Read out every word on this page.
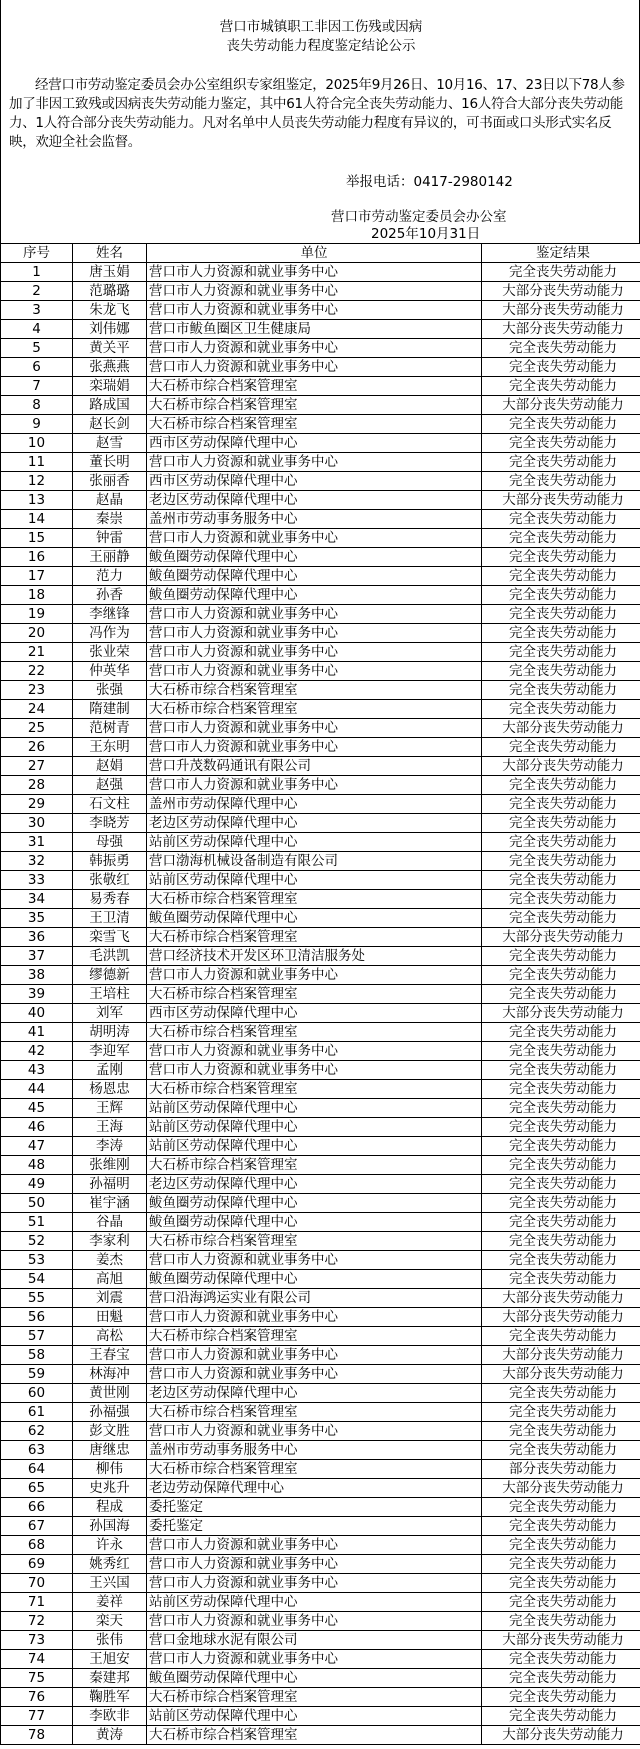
营口市城镇职工非因工伤残或因病
丧失劳动能力程度鉴定结论公示
经营口市劳动鉴定委员会办公室组织专家组鉴定，2025年9月26日、10月16、17、23日以下78人参加了非因工致残或因病丧失劳动能力鉴定，其中61人符合完全丧失劳动能力、16人符合大部分丧失劳动能力、1人符合部分丧失劳动能力。凡对名单中人员丧失劳动能力程度有异议的，可书面或口头形式实名反映，欢迎全社会监督。
举报电话：0417-2980142
营口市劳动鉴定委员会办公室
2025年10月31日
序号	姓名	单位	鉴定结果
1	唐玉娟	营口市人力资源和就业事务中心	完全丧失劳动能力
2	范璐璐	营口市人力资源和就业事务中心	大部分丧失劳动能力
3	朱龙飞	营口市人力资源和就业事务中心	大部分丧失劳动能力
4	刘伟娜	营口市鲅鱼圈区卫生健康局	大部分丧失劳动能力
5	黄关平	营口市人力资源和就业事务中心	完全丧失劳动能力
6	张燕燕	营口市人力资源和就业事务中心	完全丧失劳动能力
7	栾瑞娟	大石桥市综合档案管理室	完全丧失劳动能力
8	路成国	大石桥市综合档案管理室	大部分丧失劳动能力
9	赵长剑	大石桥市综合档案管理室	完全丧失劳动能力
10	赵雪	西市区劳动保障代理中心	完全丧失劳动能力
11	董长明	营口市人力资源和就业事务中心	完全丧失劳动能力
12	张丽香	西市区劳动保障代理中心	完全丧失劳动能力
13	赵晶	老边区劳动保障代理中心	大部分丧失劳动能力
14	秦崇	盖州市劳动事务服务中心	完全丧失劳动能力
15	钟雷	营口市人力资源和就业事务中心	完全丧失劳动能力
16	王丽静	鲅鱼圈劳动保障代理中心	完全丧失劳动能力
17	范力	鲅鱼圈劳动保障代理中心	完全丧失劳动能力
18	孙香	鲅鱼圈劳动保障代理中心	完全丧失劳动能力
19	李继锋	营口市人力资源和就业事务中心	完全丧失劳动能力
20	冯作为	营口市人力资源和就业事务中心	完全丧失劳动能力
21	张业荣	营口市人力资源和就业事务中心	完全丧失劳动能力
22	仲英华	营口市人力资源和就业事务中心	完全丧失劳动能力
23	张强	大石桥市综合档案管理室	完全丧失劳动能力
24	隋建制	大石桥市综合档案管理室	完全丧失劳动能力
25	范树青	营口市人力资源和就业事务中心	大部分丧失劳动能力
26	王东明	营口市人力资源和就业事务中心	完全丧失劳动能力
27	赵娟	营口升茂数码通讯有限公司	大部分丧失劳动能力
28	赵强	营口市人力资源和就业事务中心	完全丧失劳动能力
29	石文柱	盖州市劳动保障代理中心	完全丧失劳动能力
30	李晓芳	老边区劳动保障代理中心	完全丧失劳动能力
31	母强	站前区劳动保障代理中心	完全丧失劳动能力
32	韩振勇	营口渤海机械设备制造有限公司	完全丧失劳动能力
33	张敬红	站前区劳动保障代理中心	完全丧失劳动能力
34	易秀春	大石桥市综合档案管理室	完全丧失劳动能力
35	王卫清	鲅鱼圈劳动保障代理中心	完全丧失劳动能力
36	栾雪飞	大石桥市综合档案管理室	大部分丧失劳动能力
37	毛洪凯	营口经济技术开发区环卫清洁服务处	完全丧失劳动能力
38	缪德新	营口市人力资源和就业事务中心	完全丧失劳动能力
39	王培柱	大石桥市综合档案管理室	完全丧失劳动能力
40	刘军	西市区劳动保障代理中心	大部分丧失劳动能力
41	胡明涛	大石桥市综合档案管理室	完全丧失劳动能力
42	李迎军	营口市人力资源和就业事务中心	完全丧失劳动能力
43	孟刚	营口市人力资源和就业事务中心	完全丧失劳动能力
44	杨恩忠	大石桥市综合档案管理室	完全丧失劳动能力
45	王辉	站前区劳动保障代理中心	完全丧失劳动能力
46	王海	站前区劳动保障代理中心	完全丧失劳动能力
47	李涛	站前区劳动保障代理中心	完全丧失劳动能力
48	张维刚	大石桥市综合档案管理室	完全丧失劳动能力
49	孙福明	老边区劳动保障代理中心	完全丧失劳动能力
50	崔宇涵	鲅鱼圈劳动保障代理中心	完全丧失劳动能力
51	谷晶	鲅鱼圈劳动保障代理中心	完全丧失劳动能力
52	李家利	大石桥市综合档案管理室	完全丧失劳动能力
53	姜杰	营口市人力资源和就业事务中心	完全丧失劳动能力
54	高旭	鲅鱼圈劳动保障代理中心	完全丧失劳动能力
55	刘震	营口沿海鸿运实业有限公司	大部分丧失劳动能力
56	田魁	营口市人力资源和就业事务中心	大部分丧失劳动能力
57	高松	大石桥市综合档案管理室	完全丧失劳动能力
58	王春宝	营口市人力资源和就业事务中心	大部分丧失劳动能力
59	林海冲	营口市人力资源和就业事务中心	大部分丧失劳动能力
60	黄世刚	老边区劳动保障代理中心	完全丧失劳动能力
61	孙福强	大石桥市综合档案管理室	完全丧失劳动能力
62	彭文胜	营口市人力资源和就业事务中心	完全丧失劳动能力
63	唐继忠	盖州市劳动事务服务中心	完全丧失劳动能力
64	柳伟	大石桥市综合档案管理室	部分丧失劳动能力
65	史兆升	老边劳动保障代理中心	大部分丧失劳动能力
66	程成	委托鉴定	完全丧失劳动能力
67	孙国海	委托鉴定	完全丧失劳动能力
68	许永	营口市人力资源和就业事务中心	完全丧失劳动能力
69	姚秀红	营口市人力资源和就业事务中心	完全丧失劳动能力
70	王兴国	营口市人力资源和就业事务中心	完全丧失劳动能力
71	姜祥	站前区劳动保障代理中心	完全丧失劳动能力
72	栾天	营口市人力资源和就业事务中心	完全丧失劳动能力
73	张伟	营口金地球水泥有限公司	大部分丧失劳动能力
74	王旭安	营口市人力资源和就业事务中心	完全丧失劳动能力
75	秦建邦	鲅鱼圈劳动保障代理中心	完全丧失劳动能力
76	鞠胜军	大石桥市综合档案管理室	完全丧失劳动能力
77	李欧非	站前区劳动保障代理中心	完全丧失劳动能力
78	黄涛	大石桥市综合档案管理室	大部分丧失劳动能力
